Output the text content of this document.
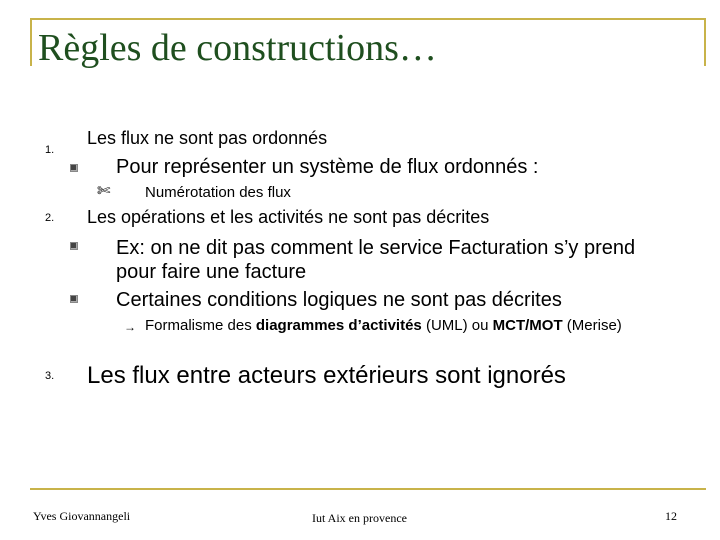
Règles de constructions…
1.
Les flux ne sont pas ordonnés
Pour représenter un système de flux ordonnés :
✄ Numérotation des flux
2. Les opérations et les activités ne sont pas décrites
Ex: on ne dit pas comment le service Facturation s’y prend pour faire une facture
Certaines conditions logiques ne sont pas décrites
→ Formalisme des diagrammes d’activités (UML) ou MCT/MOT (Merise)
3. Les flux entre acteurs extérieurs sont ignorés
Yves Giovannangeli	Iut Aix en provence	12
